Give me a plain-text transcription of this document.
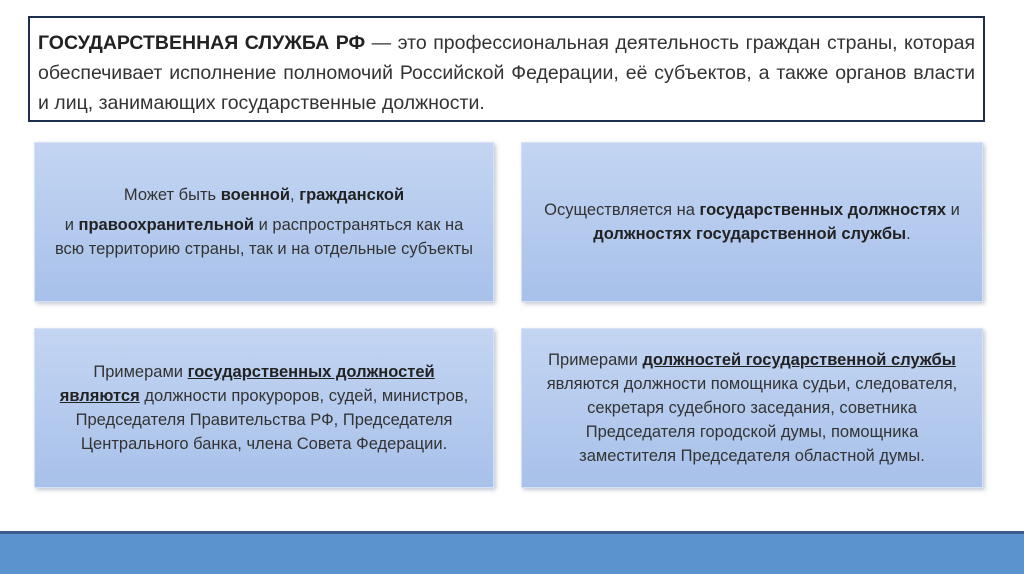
ГОСУДАРСТВЕННАЯ СЛУЖБА РФ — это профессиональная деятельность граждан страны, которая обеспечивает исполнение полномочий Российской Федерации, её субъектов, а также органов власти и лиц, занимающих государственные должности.
Может быть военной, гражданской
и правоохранительной и распространяться как на всю территорию страны, так и на отдельные субъекты
Осуществляется на государственных должностях и должностях государственной службы.
Примерами государственных должностей являются должности прокуроров, судей, министров, Председателя Правительства РФ, Председателя Центрального банка, члена Совета Федерации.
Примерами должностей государственной службы являются должности помощника судьи, следователя, секретаря судебного заседания, советника Председателя городской думы, помощника заместителя Председателя областной думы.
